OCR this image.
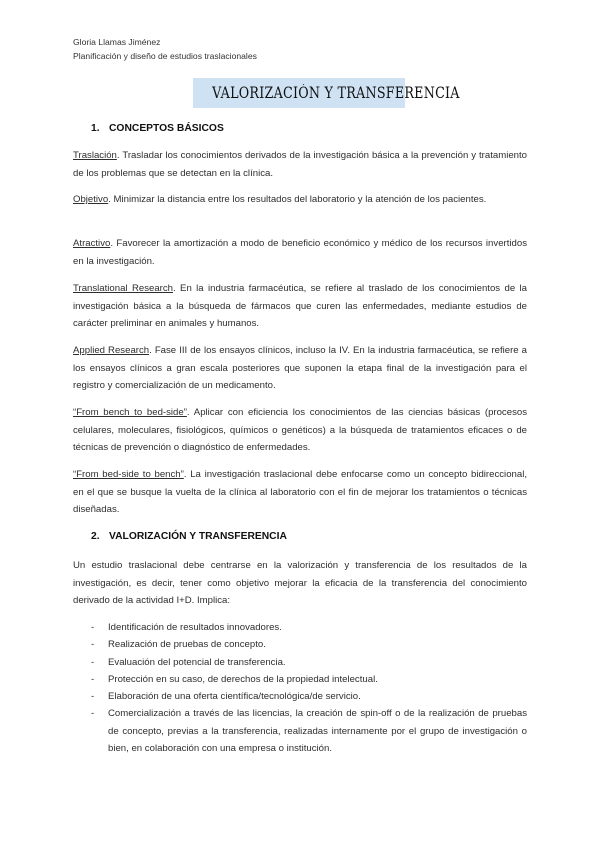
Gloria Llamas Jiménez
Planificación y diseño de estudios traslacionales
VALORIZACIÓN Y TRANSFERENCIA
1. CONCEPTOS BÁSICOS
Traslación. Trasladar los conocimientos derivados de la investigación básica a la prevención y tratamiento de los problemas que se detectan en la clínica.
Objetivo. Minimizar la distancia entre los resultados del laboratorio y la atención de los pacientes.
Atractivo. Favorecer la amortización a modo de beneficio económico y médico de los recursos invertidos en la investigación.
Translational Research. En la industria farmacéutica, se refiere al traslado de los conocimientos de la investigación básica a la búsqueda de fármacos que curen las enfermedades, mediante estudios de carácter preliminar en animales y humanos.
Applied Research. Fase III de los ensayos clínicos, incluso la IV. En la industria farmacéutica, se refiere a los ensayos clínicos a gran escala posteriores que suponen la etapa final de la investigación para el registro y comercialización de un medicamento.
“From bench to bed-side”. Aplicar con eficiencia los conocimientos de las ciencias básicas (procesos celulares, moleculares, fisiológicos, químicos o genéticos) a la búsqueda de tratamientos eficaces o de técnicas de prevención o diagnóstico de enfermedades.
“From bed-side to bench”. La investigación traslacional debe enfocarse como un concepto bidireccional, en el que se busque la vuelta de la clínica al laboratorio con el fin de mejorar los tratamientos o técnicas diseñadas.
2. VALORIZACIÓN Y TRANSFERENCIA
Un estudio traslacional debe centrarse en la valorización y transferencia de los resultados de la investigación, es decir, tener como objetivo mejorar la eficacia de la transferencia del conocimiento derivado de la actividad I+D. Implica:
- Identificación de resultados innovadores.
- Realización de pruebas de concepto.
- Evaluación del potencial de transferencia.
- Protección en su caso, de derechos de la propiedad intelectual.
- Elaboración de una oferta científica/tecnológica/de servicio.
- Comercialización a través de las licencias, la creación de spin-off o de la realización de pruebas de concepto, previas a la transferencia, realizadas internamente por el grupo de investigación o bien, en colaboración con una empresa o institución.
